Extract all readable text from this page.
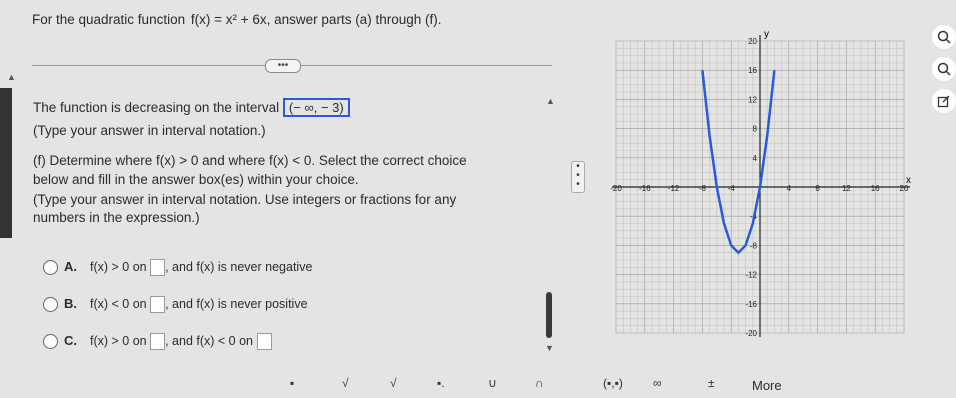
For the quadratic function f(x) = x² + 6x, answer parts (a) through (f).
•••
▲
The function is decreasing on the interval (− ∞, − 3)	▲
(Type your answer in interval notation.)
(f) Determine where f(x) > 0 and where f(x) < 0. Select the correct choice
below and fill in the answer box(es) within your choice.
(Type your answer in interval notation. Use integers or fractions for any
numbers in the expression.)
•
•
•
A. f(x) > 0 on , and f(x) is never negative
B. f(x) < 0 on , and f(x) is never positive
C. f(x) > 0 on , and f(x) < 0 on
▼
-20 -16 -12 -8	-4	4	8	12 16 20
20
16
12
8
4
-4
-8
-12
-16
-20
y
x
▪	√	√	▪.	∪	∩	(▪,▪)	∞	±	More
